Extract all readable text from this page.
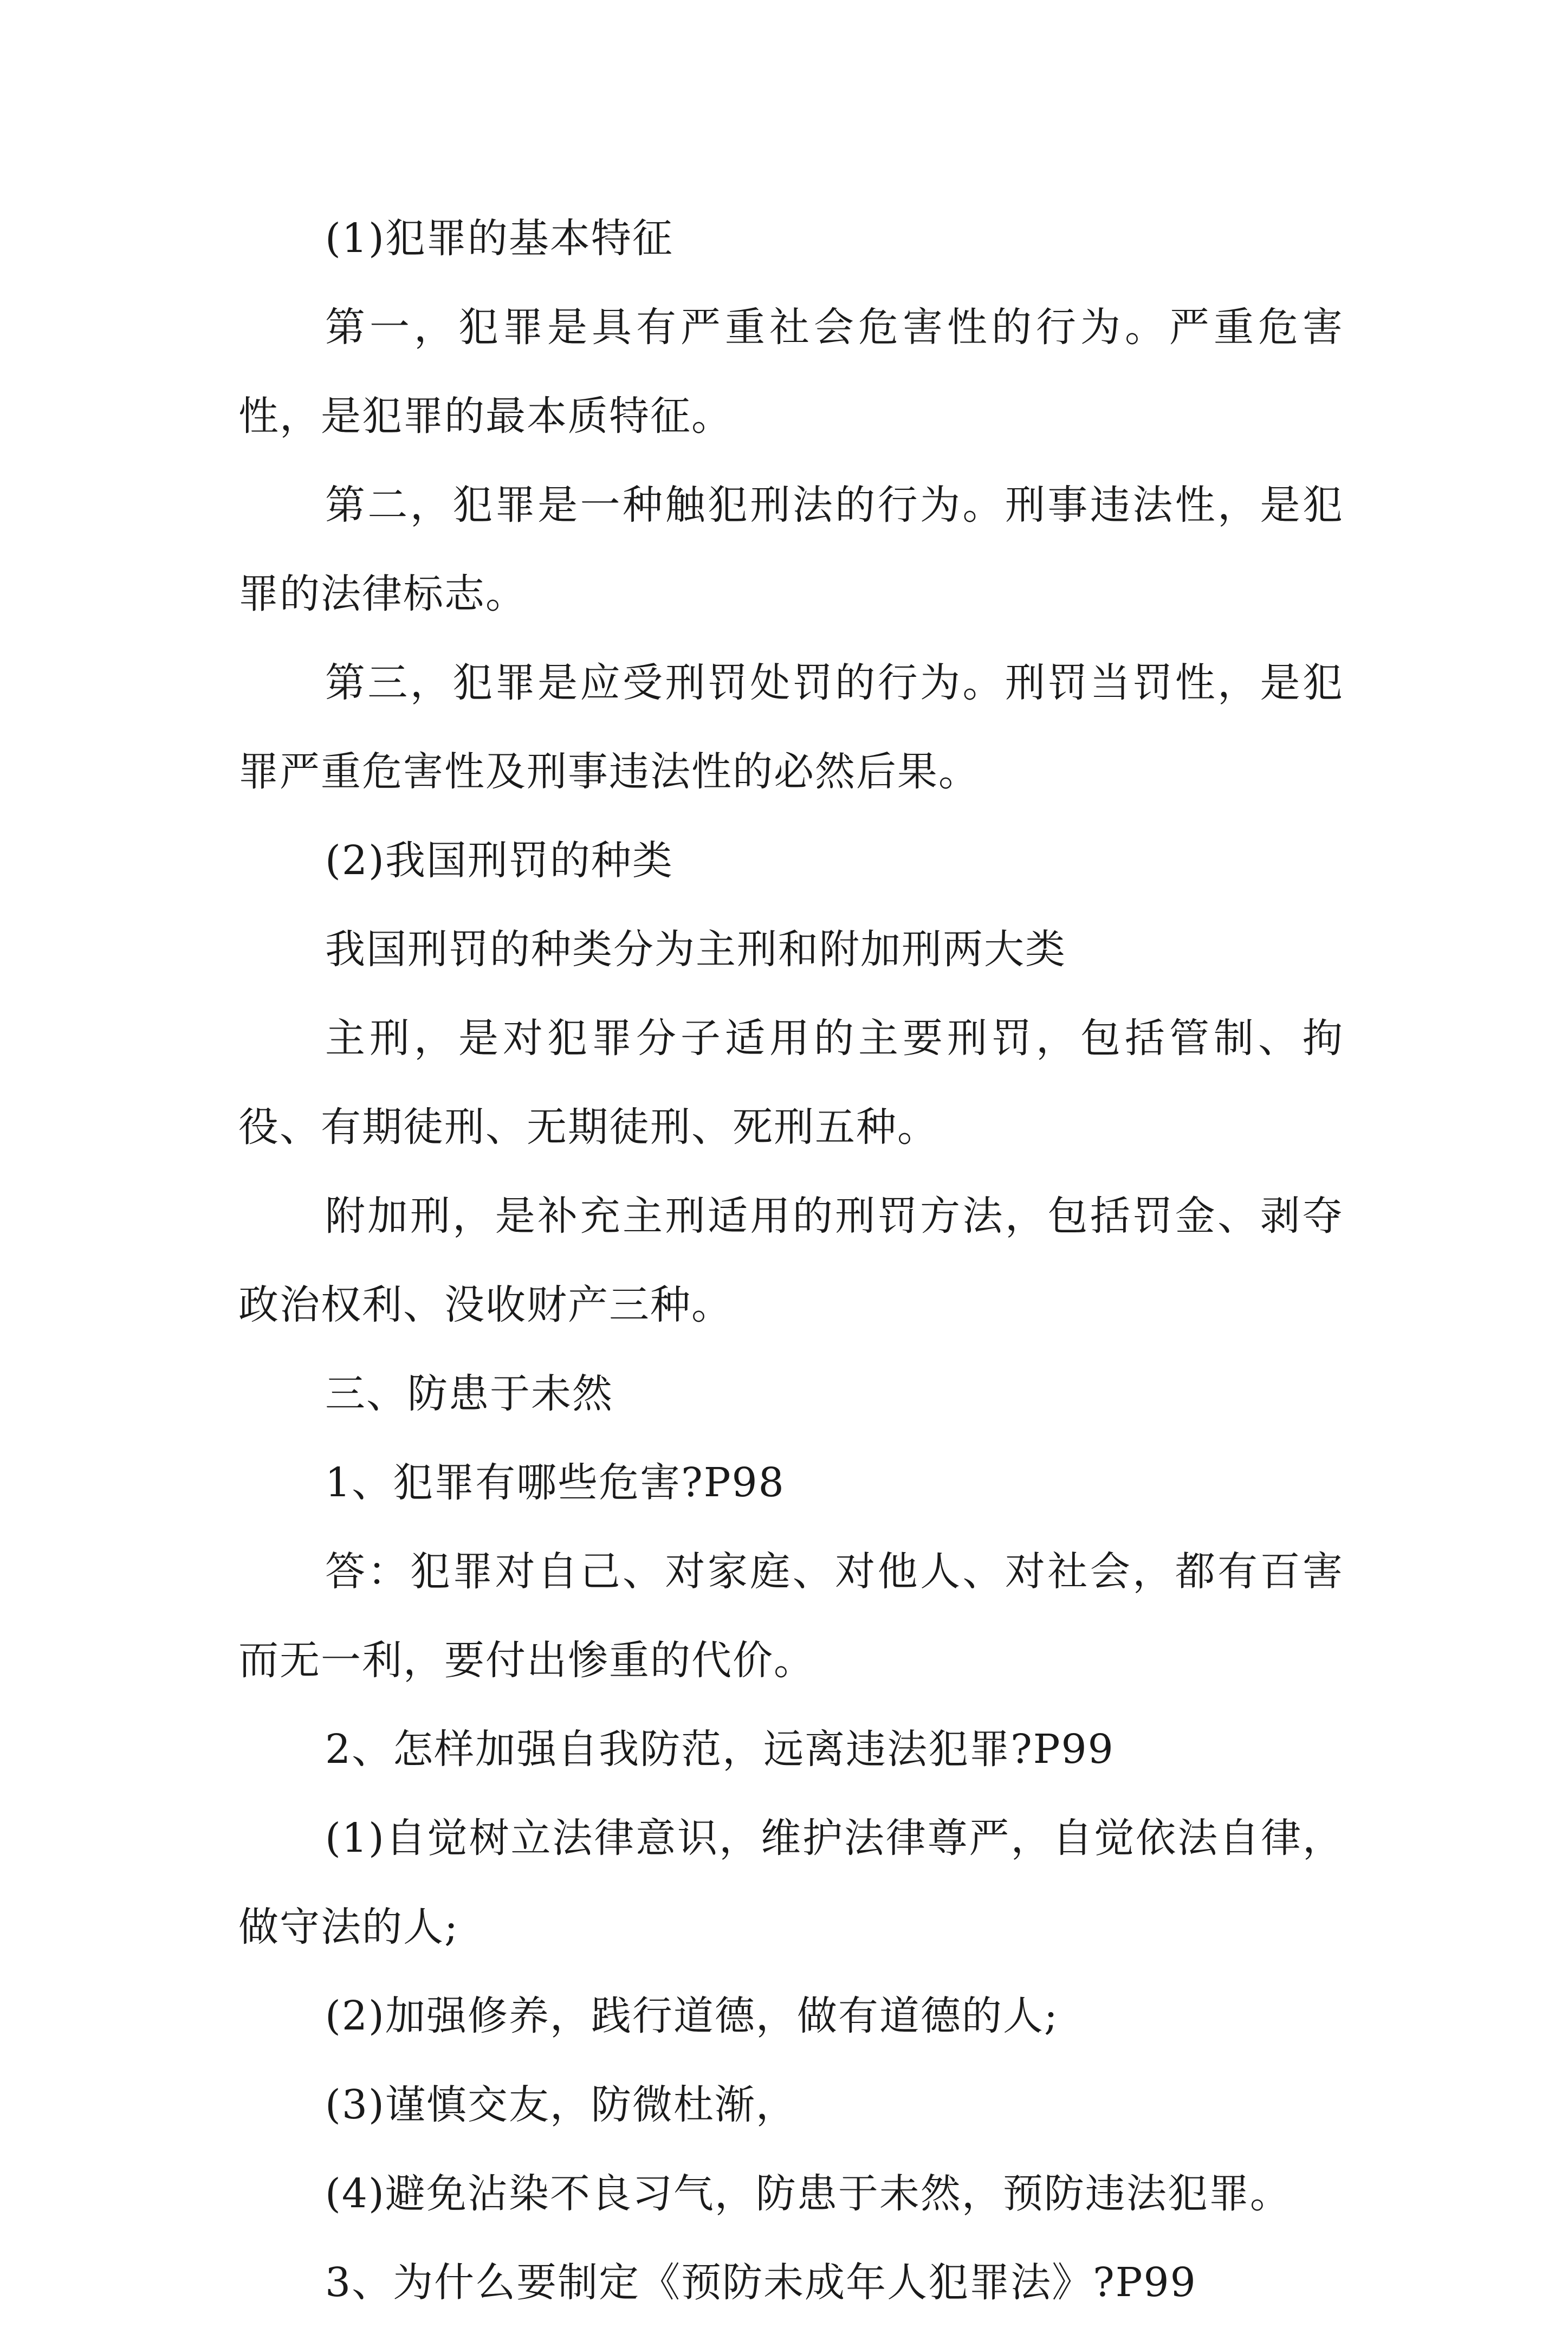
(1)犯罪的基本特征

第一，犯罪是具有严重社会危害性的行为。严重危害性，是犯罪的最本质特征。

第二，犯罪是一种触犯刑法的行为。刑事违法性，是犯罪的法律标志。

第三，犯罪是应受刑罚处罚的行为。刑罚当罚性，是犯罪严重危害性及刑事违法性的必然后果。

(2)我国刑罚的种类

我国刑罚的种类分为主刑和附加刑两大类

主刑，是对犯罪分子适用的主要刑罚，包括管制、拘役、有期徒刑、无期徒刑、死刑五种。

附加刑，是补充主刑适用的刑罚方法，包括罚金、剥夺政治权利、没收财产三种。

三、防患于未然

1、犯罪有哪些危害?P98

答：犯罪对自己、对家庭、对他人、对社会，都有百害而无一利，要付出惨重的代价。

2、怎样加强自我防范，远离违法犯罪?P99

(1)自觉树立法律意识，维护法律尊严，自觉依法自律，做守法的人;

(2)加强修养，践行道德，做有道德的人;

(3)谨慎交友，防微杜渐，

(4)避免沾染不良习气，防患于未然，预防违法犯罪。

3、为什么要制定《预防未成年人犯罪法》?P99
